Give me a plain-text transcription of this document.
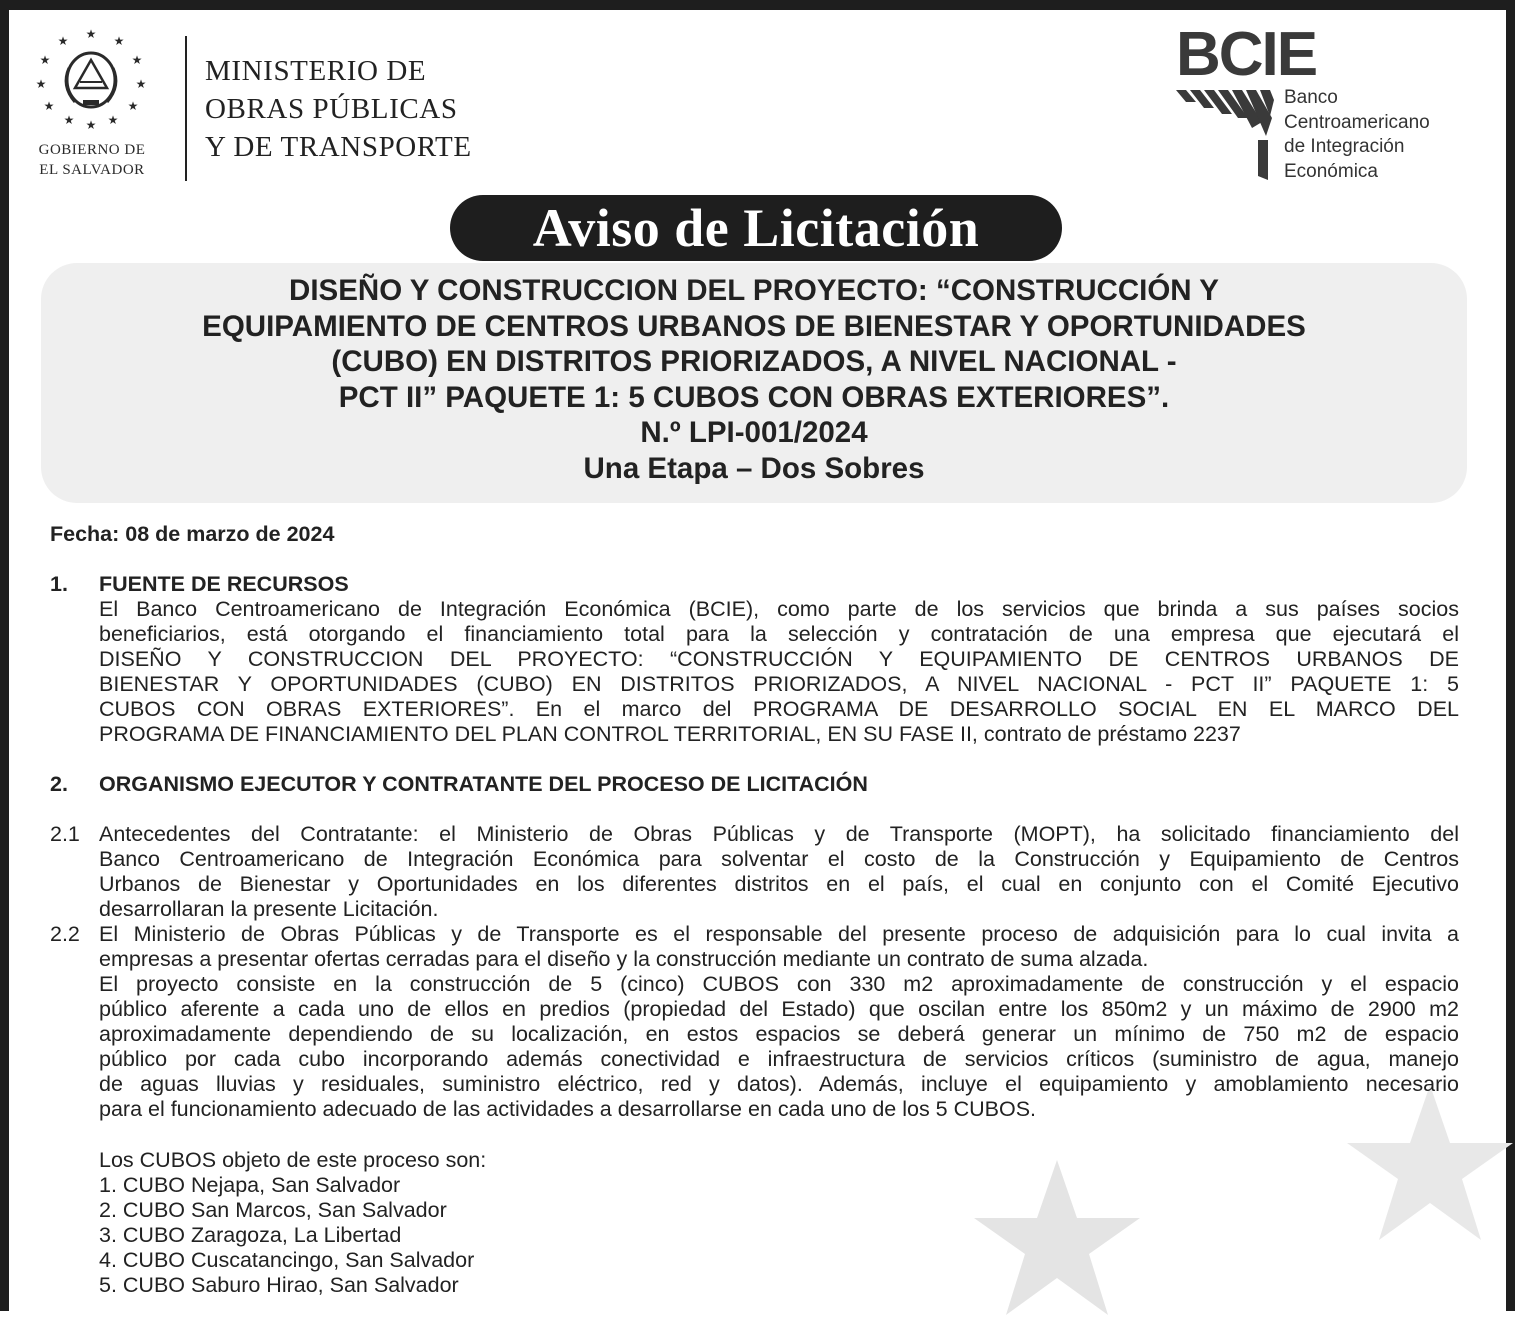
★
★	★
★	★
★	★
★	★
★	★
★
GOBIERNO DE
EL SALVADOR
MINISTERIO DE
OBRAS PÚBLICAS
Y DE TRANSPORTE
BCIE
Banco
Centroamericano
de Integración
Económica
Aviso de Licitación
DISEÑO Y CONSTRUCCION DEL PROYECTO: “CONSTRUCCIÓN Y
EQUIPAMIENTO DE CENTROS URBANOS DE BIENESTAR Y OPORTUNIDADES
(CUBO) EN DISTRITOS PRIORIZADOS, A NIVEL NACIONAL -
PCT II” PAQUETE 1: 5 CUBOS CON OBRAS EXTERIORES”.
N.º LPI-001/2024
Una Etapa – Dos Sobres
Fecha: 08 de marzo de 2024
1.	FUENTE DE RECURSOS
El Banco Centroamericano de Integración Económica (BCIE), como parte de los servicios que brinda a sus países socios
beneficiarios, está otorgando el financiamiento total para la selección y contratación de una empresa que ejecutará el
DISEÑO Y CONSTRUCCION DEL PROYECTO: “CONSTRUCCIÓN Y EQUIPAMIENTO DE CENTROS URBANOS DE
BIENESTAR Y OPORTUNIDADES (CUBO) EN DISTRITOS PRIORIZADOS, A NIVEL NACIONAL - PCT II” PAQUETE 1: 5
CUBOS CON OBRAS EXTERIORES”. En el marco del PROGRAMA DE DESARROLLO SOCIAL EN EL MARCO DEL
PROGRAMA DE FINANCIAMIENTO DEL PLAN CONTROL TERRITORIAL, EN SU FASE II, contrato de préstamo 2237
2.	ORGANISMO EJECUTOR Y CONTRATANTE DEL PROCESO DE LICITACIÓN
2.1 Antecedentes del Contratante: el Ministerio de Obras Públicas y de Transporte (MOPT), ha solicitado financiamiento del
Banco Centroamericano de Integración Económica para solventar el costo de la Construcción y Equipamiento de Centros
Urbanos de Bienestar y Oportunidades en los diferentes distritos en el país, el cual en conjunto con el Comité Ejecutivo
desarrollaran la presente Licitación.
2.2 El Ministerio de Obras Públicas y de Transporte es el responsable del presente proceso de adquisición para lo cual invita a
empresas a presentar ofertas cerradas para el diseño y la construcción mediante un contrato de suma alzada.
El proyecto consiste en la construcción de 5 (cinco) CUBOS con 330 m2 aproximadamente de construcción y el espacio
público aferente a cada uno de ellos en predios (propiedad del Estado) que oscilan entre los 850m2 y un máximo de 2900 m2
aproximadamente dependiendo de su localización, en estos espacios se deberá generar un mínimo de 750 m2 de espacio
público por cada cubo incorporando además conectividad e infraestructura de servicios críticos (suministro de agua, manejo
de aguas lluvias y residuales, suministro eléctrico, red y datos). Además, incluye el equipamiento y amoblamiento necesario
para el funcionamiento adecuado de las actividades a desarrollarse en cada uno de los 5 CUBOS.
Los CUBOS objeto de este proceso son:
1. CUBO Nejapa, San Salvador
2. CUBO San Marcos, San Salvador
3. CUBO Zaragoza, La Libertad
4. CUBO Cuscatancingo, San Salvador
5. CUBO Saburo Hirao, San Salvador
